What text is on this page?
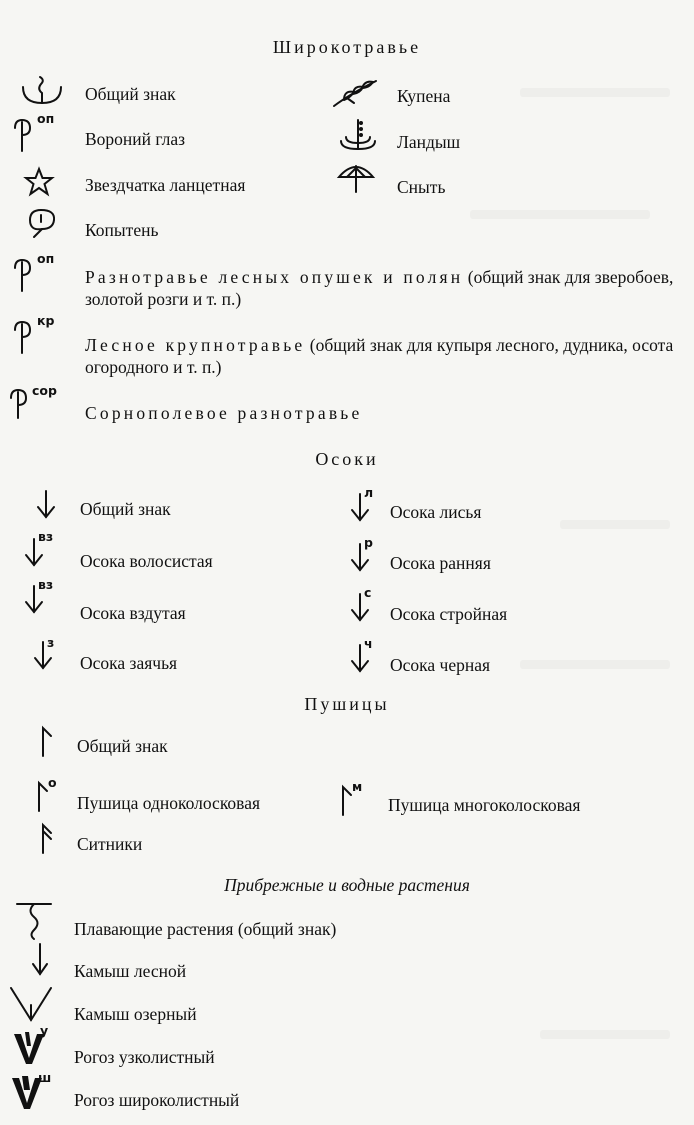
Широкотравье
Общий знак
оп
Вороний глаз
Звездчатка ланцетная
Копытень
Купена
Ландыш
Сныть
оп
Разнотравье лесных опушек и полян (общий знак для зверобоев, золотой розги и т. п.)
кр
Лесное крупнотравье (общий знак для купыря лесного, дудника, осота огородного и т. п.)
сор
Сорнополевое разнотравье
Осоки
Общий знак
вз
Осока волосистая
вз
Осока вздутая
з
Осока заячья
л
Осока лисья
р
Осока ранняя
с
Осока стройная
ч
Осока черная
Пушицы
Общий знак
о
Пушица одноколосковая
м
Пушица многоколосковая
Ситники
Прибрежные и водные растения
Плавающие растения (общий знак)
Камыш лесной
Камыш озерный
у
Рогоз узколистный
ш
Рогоз широколистный
